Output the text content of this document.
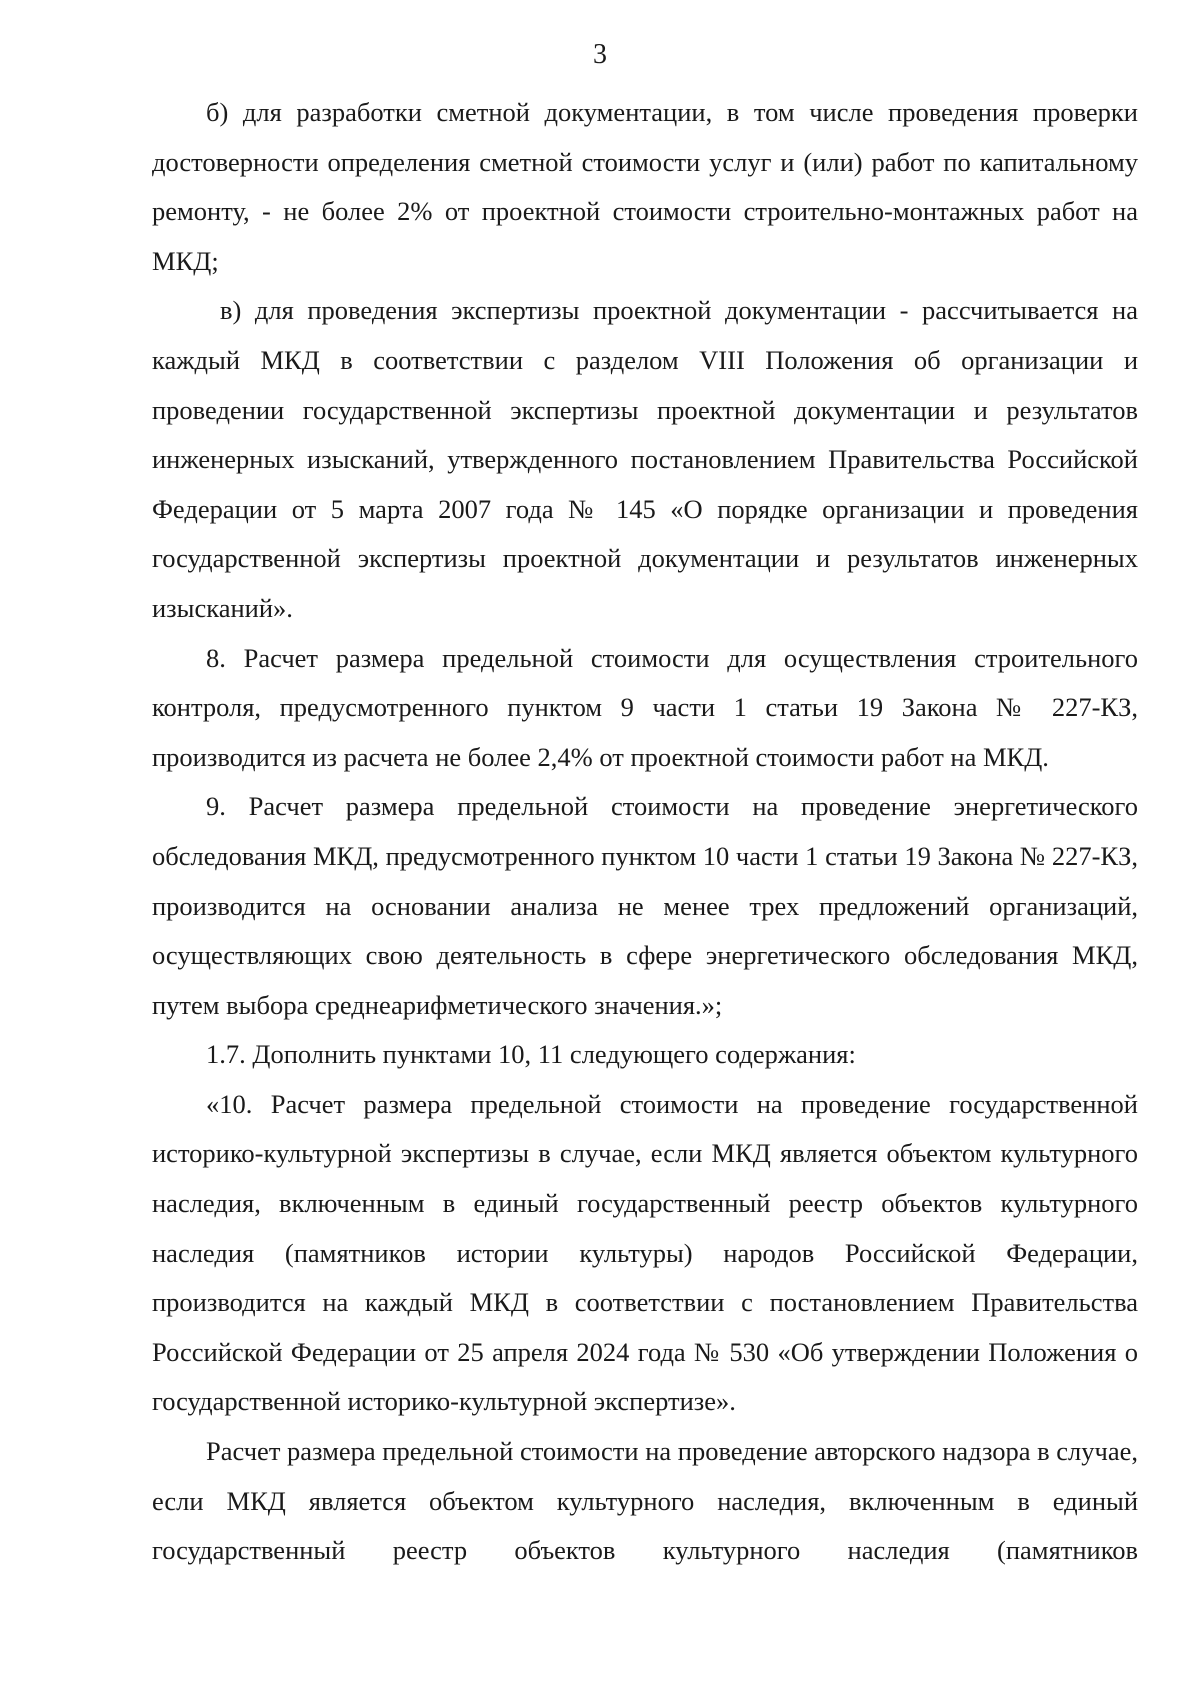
3

б) для разработки сметной документации, в том числе проведения проверки достоверности определения сметной стоимости услуг и (или) работ по капитальному ремонту, - не более 2% от проектной стоимости строительно-монтажных работ на МКД;

в) для проведения экспертизы проектной документации - рассчитывается на каждый МКД в соответствии с разделом VIII Положения об организации и проведении государственной экспертизы проектной документации и результатов инженерных изысканий, утвержденного постановлением Правительства Российской Федерации от 5 марта 2007 года № 145 «О порядке организации и проведения государственной экспертизы проектной документации и результатов инженерных изысканий».

8. Расчет размера предельной стоимости для осуществления строительного контроля, предусмотренного пунктом 9 части 1 статьи 19 Закона № 227-КЗ, производится из расчета не более 2,4% от проектной стоимости работ на МКД.

9. Расчет размера предельной стоимости на проведение энергетического обследования МКД, предусмотренного пунктом 10 части 1 статьи 19 Закона № 227-КЗ, производится на основании анализа не менее трех предложений организаций, осуществляющих свою деятельность в сфере энергетического обследования МКД, путем выбора среднеарифметического значения.»;

1.7. Дополнить пунктами 10, 11 следующего содержания:

«10. Расчет размера предельной стоимости на проведение государственной историко-культурной экспертизы в случае, если МКД является объектом культурного наследия, включенным в единый государственный реестр объектов культурного наследия (памятников истории культуры) народов Российской Федерации, производится на каждый МКД в соответствии с постановлением Правительства Российской Федерации от 25 апреля 2024 года № 530 «Об утверждении Положения о государственной историко-культурной экспертизе».

Расчет размера предельной стоимости на проведение авторского надзора в случае, если МКД является объектом культурного наследия, включенным в единый государственный реестр объектов культурного наследия (памятников
